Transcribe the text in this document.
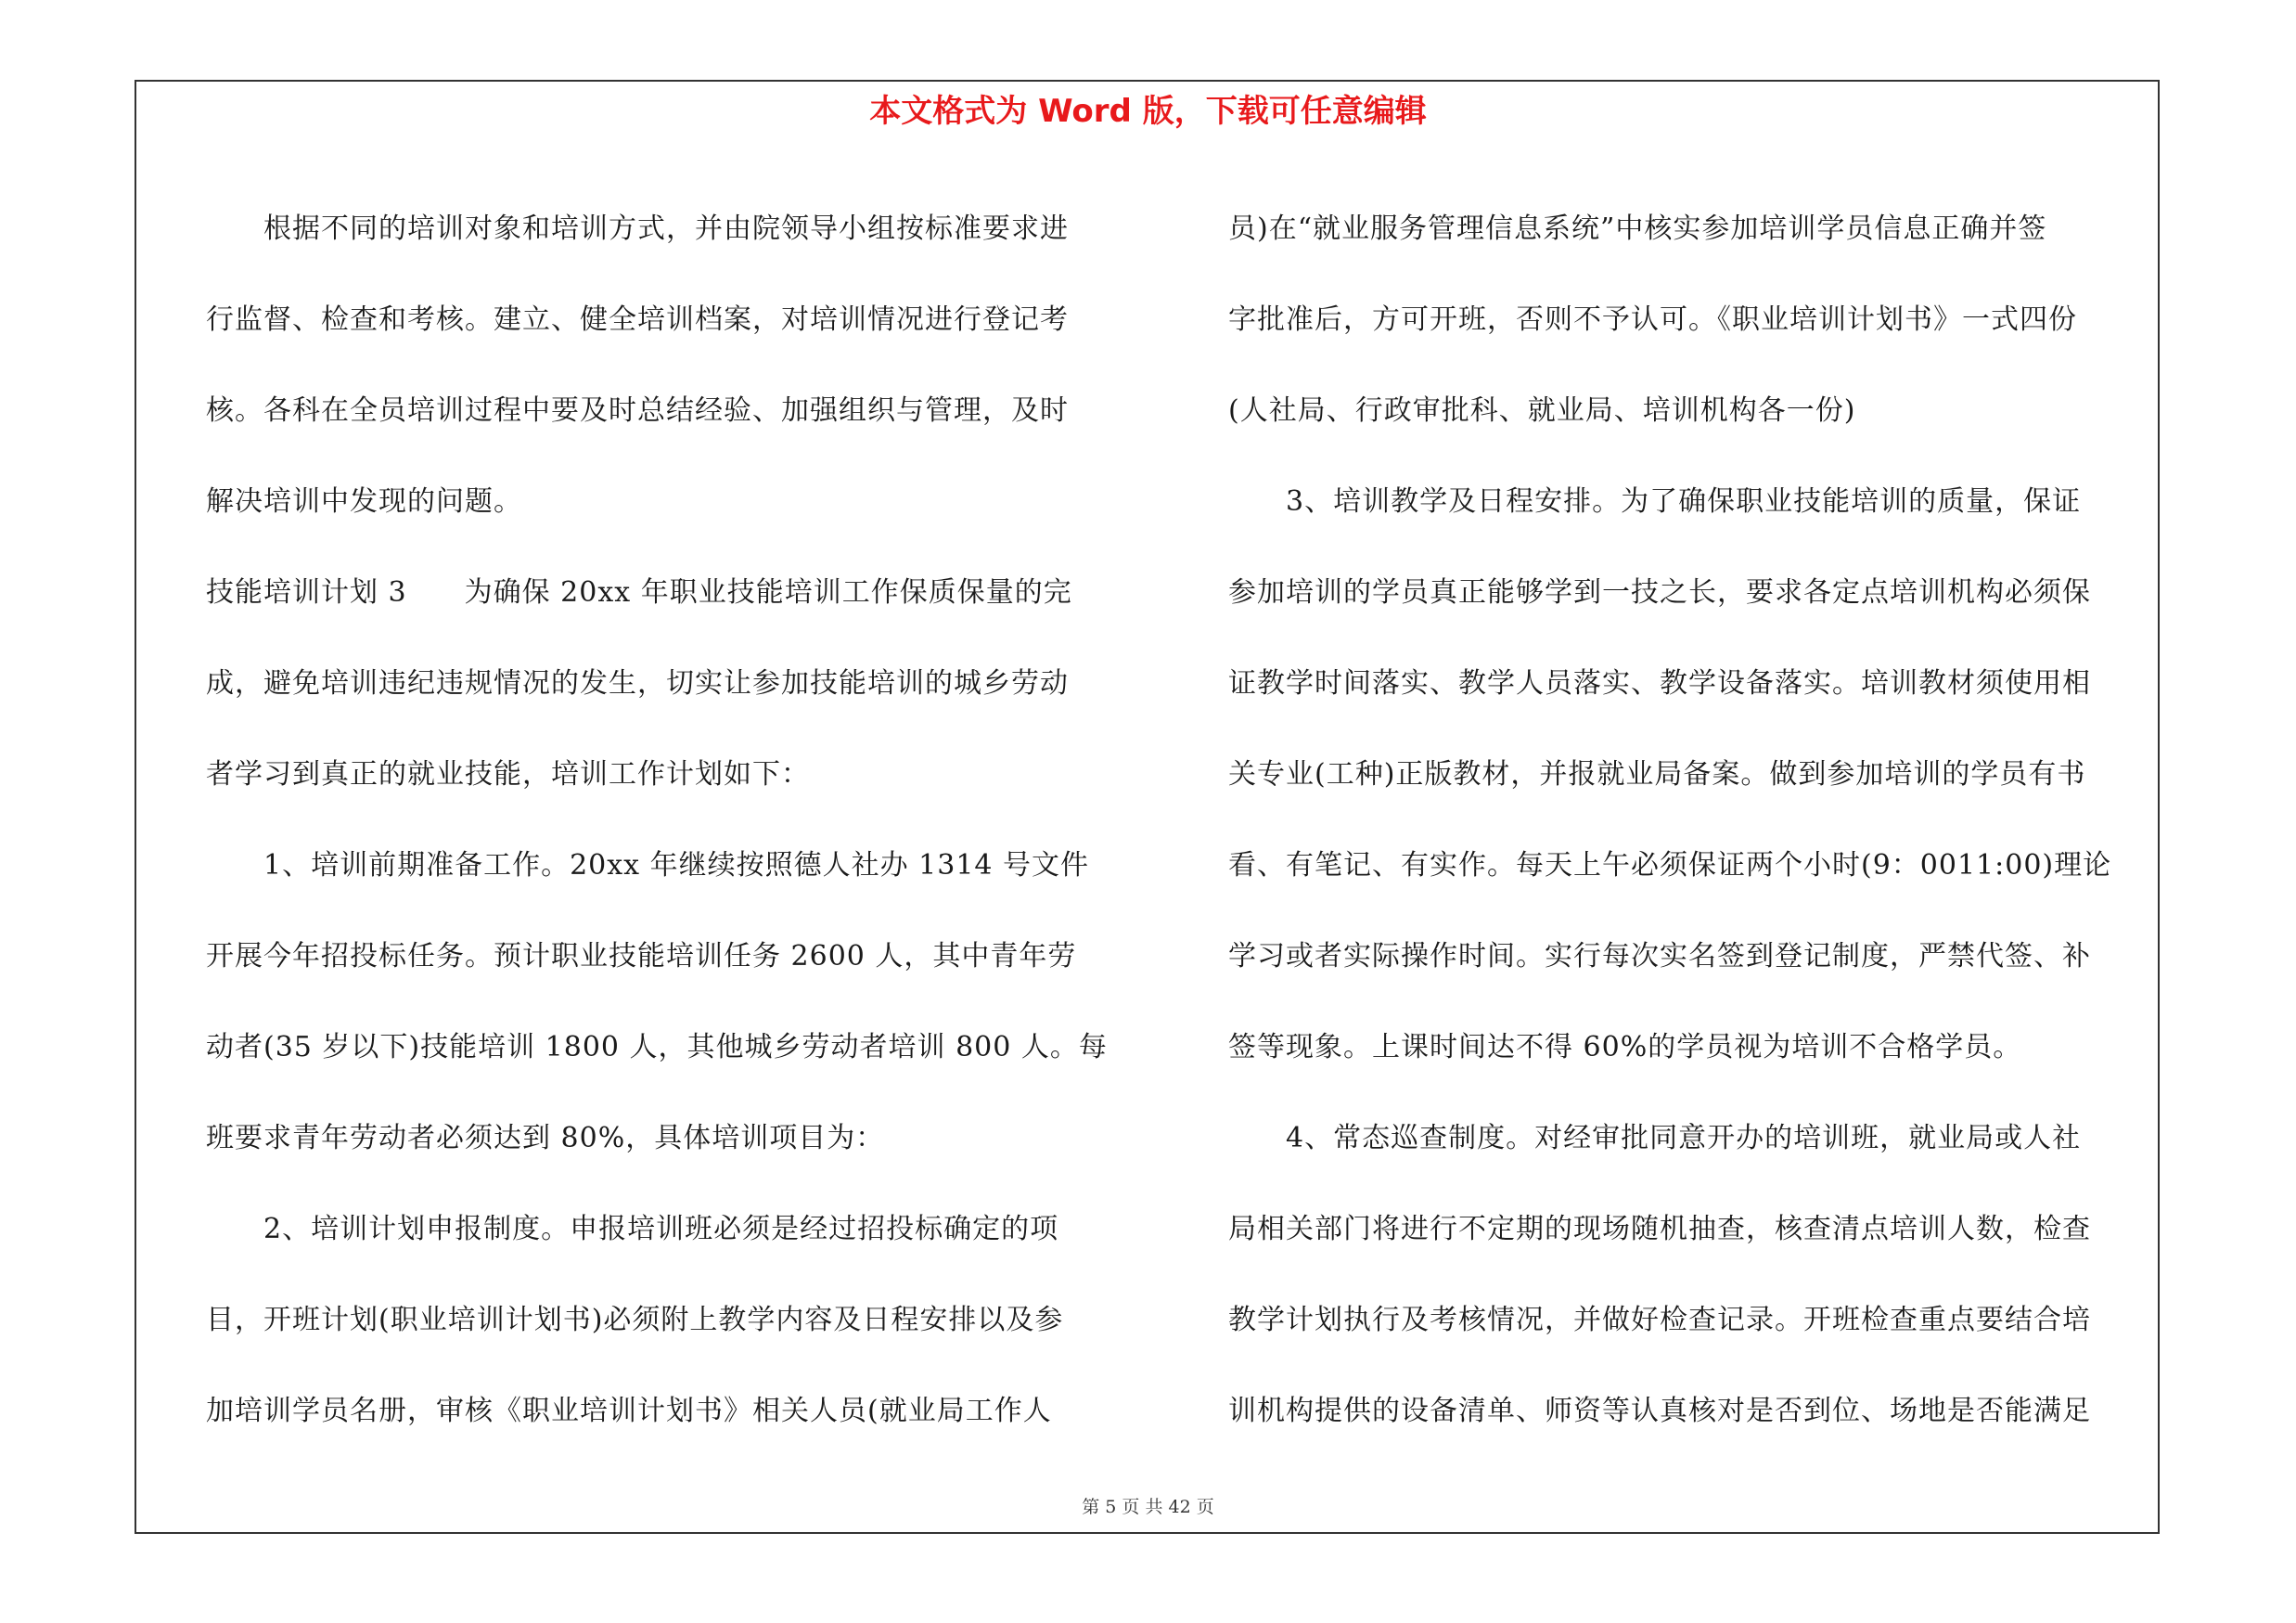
本文格式为 Word 版，下载可任意编辑
根据不同的培训对象和培训方式，并由院领导小组按标准要求进
行监督、检查和考核。建立、健全培训档案，对培训情况进行登记考
核。各科在全员培训过程中要及时总结经验、加强组织与管理，及时
解决培训中发现的问题。
技能培训计划 3　　为确保 20xx 年职业技能培训工作保质保量的完
成，避免培训违纪违规情况的发生，切实让参加技能培训的城乡劳动
者学习到真正的就业技能，培训工作计划如下：
1、培训前期准备工作。20xx 年继续按照德人社办 1314 号文件
开展今年招投标任务。预计职业技能培训任务 2600 人，其中青年劳
动者(35 岁以下)技能培训 1800 人，其他城乡劳动者培训 800 人。每
班要求青年劳动者必须达到 80%，具体培训项目为：
2、培训计划申报制度。申报培训班必须是经过招投标确定的项
目，开班计划(职业培训计划书)必须附上教学内容及日程安排以及参
加培训学员名册，审核《职业培训计划书》相关人员(就业局工作人
员)在“就业服务管理信息系统”中核实参加培训学员信息正确并签
字批准后，方可开班，否则不予认可。《职业培训计划书》一式四份
(人社局、行政审批科、就业局、培训机构各一份)
3、培训教学及日程安排。为了确保职业技能培训的质量，保证
参加培训的学员真正能够学到一技之长，要求各定点培训机构必须保
证教学时间落实、教学人员落实、教学设备落实。培训教材须使用相
关专业(工种)正版教材，并报就业局备案。做到参加培训的学员有书
看、有笔记、有实作。每天上午必须保证两个小时(9：0011:00)理论
学习或者实际操作时间。实行每次实名签到登记制度，严禁代签、补
签等现象。上课时间达不得 60%的学员视为培训不合格学员。
4、常态巡查制度。对经审批同意开办的培训班，就业局或人社
局相关部门将进行不定期的现场随机抽查，核查清点培训人数，检查
教学计划执行及考核情况，并做好检查记录。开班检查重点要结合培
训机构提供的设备清单、师资等认真核对是否到位、场地是否能满足
第 5 页 共 42 页
